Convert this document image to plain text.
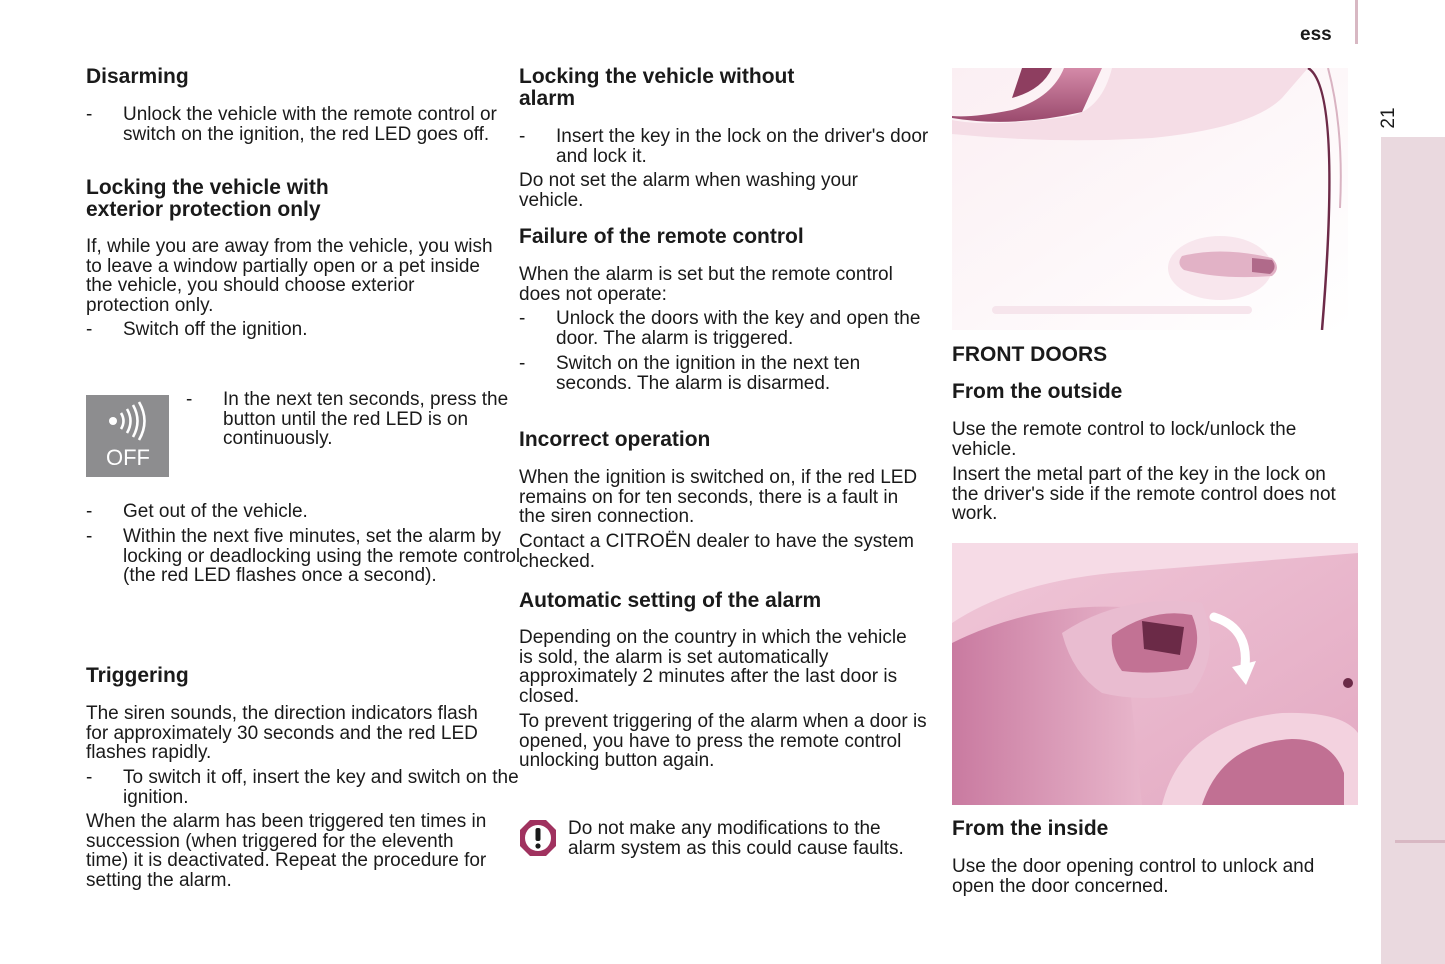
ess
21
Disarming
- Unlock the vehicle with the remote control or switch on the ignition, the red LED goes off.
Locking the vehicle with
exterior protection only

If, while you are away from the vehicle, you wish to leave a window partially open or a pet inside the vehicle, you should choose exterior protection only.

- Switch off the ignition.
- In the next ten seconds, press the button until the red LED is on continuously.
- Get out of the vehicle.
- Within the next five minutes, set the alarm by locking or deadlocking using the remote control (the red LED flashes once a second).
Triggering

The siren sounds, the direction indicators flash for approximately 30 seconds and the red LED flashes rapidly.

- To switch it off, insert the key and switch on the ignition.

When the alarm has been triggered ten times in succession (when triggered for the eleventh time) it is deactivated. Repeat the procedure for setting the alarm.

OFF
Locking the vehicle without
alarm
- Insert the key in the lock on the driver's door and lock it.

Do not set the alarm when washing your vehicle.

Failure of the remote control

When the alarm is set but the remote control does not operate:

- Unlock the doors with the key and open the door. The alarm is triggered.
- Switch on the ignition in the next ten seconds. The alarm is disarmed.
Incorrect operation

When the ignition is switched on, if the red LED remains on for ten seconds, there is a fault in the siren connection.

Contact a CITROËN dealer to have the system checked.

Automatic setting of the alarm

Depending on the country in which the vehicle is sold, the alarm is set automatically approximately 2 minutes after the last door is closed.

To prevent triggering of the alarm when a door is opened, you have to press the remote control unlocking button again.

Do not make any modifications to the alarm system as this could cause faults.

FRONT DOORS
From the outside

Use the remote control to lock/unlock the vehicle.

Insert the metal part of the key in the lock on the driver's side if the remote control does not work.

From the inside

Use the door opening control to unlock and open the door concerned.
